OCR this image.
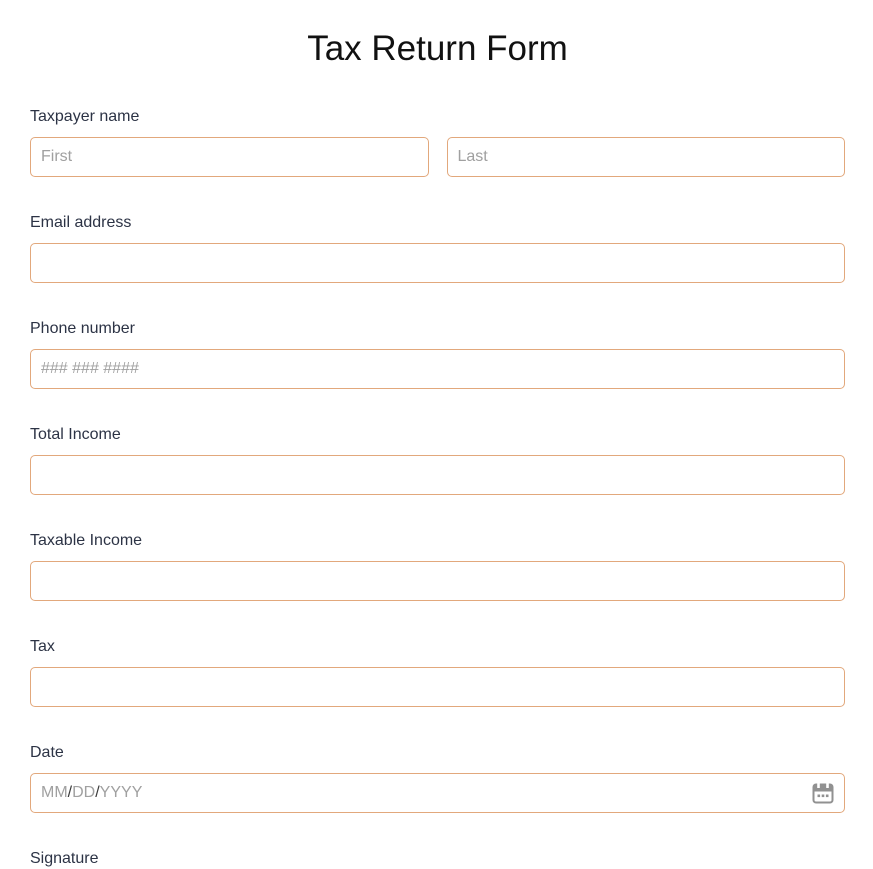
Tax Return Form
Taxpayer name
First
Last
Email address
Phone number
### ### ####
Total Income
Taxable Income
Tax
Date
MM / DD / YYYY
Signature
